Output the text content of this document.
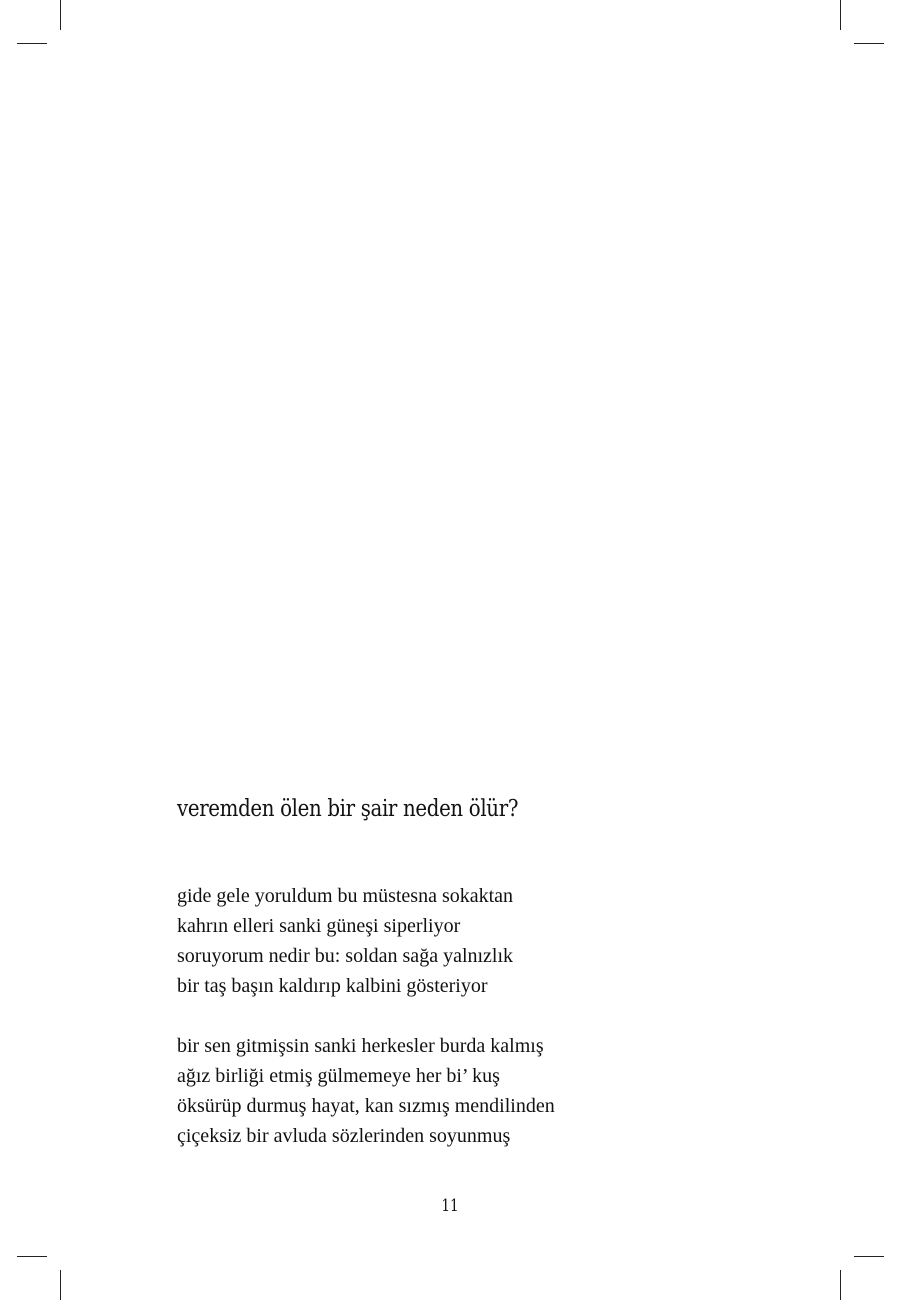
veremden ölen bir şair neden ölür?

gide gele yoruldum bu müstesna sokaktan
kahrın elleri sanki güneşi siperliyor
soruyorum nedir bu: soldan sağa yalnızlık
bir taş başın kaldırıp kalbini gösteriyor

bir sen gitmişsin sanki herkesler burda kalmış
ağız birliği etmiş gülmemeye her bi’ kuş
öksürüp durmuş hayat, kan sızmış mendilinden
çiçeksiz bir avluda sözlerinden soyunmuş

11
